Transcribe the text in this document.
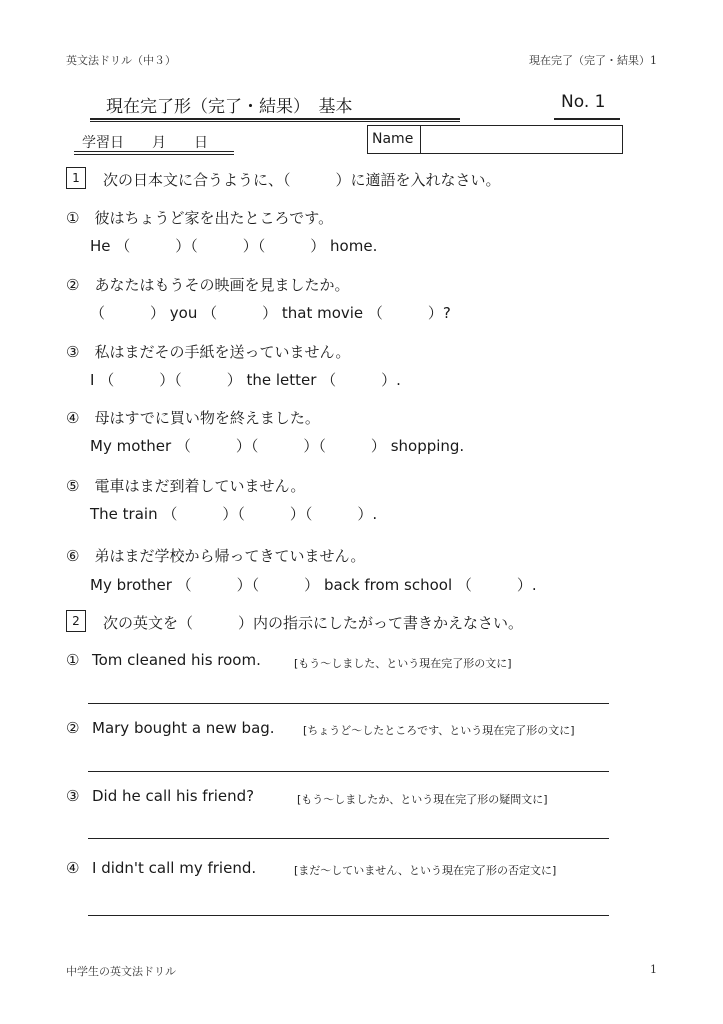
英文法ドリル（中３）	現在完了（完了・結果）1
現在完了形（完了・結果）　基本	No. 1
学習日　　月　　日	Name
1	次の日本文に合うように、（　　　）に適語を入れなさい。
①　彼はちょうど家を出たところです。
He （　　　）（　　　）（　　　） home.
②　あなたはもうその映画を見ましたか。
（　　　） you （　　　） that movie （　　　）?
③　私はまだその手紙を送っていません。
I （　　　）（　　　） the letter （　　　）.
④　母はすでに買い物を終えました。
My mother （　　　）（　　　）（　　　） shopping.
⑤　電車はまだ到着していません。
The train （　　　）（　　　）（　　　）.
⑥　弟はまだ学校から帰ってきていません。
My brother （　　　）（　　　） back from school （　　　）.
2	次の英文を（　　　）内の指示にしたがって書きかえなさい。
① Tom cleaned his room.	[もう～しました、という現在完了形の文に]
② Mary bought a new bag.	[ちょうど～したところです、という現在完了形の文に]
③ Did he call his friend?	[もう～しましたか、という現在完了形の疑問文に]
④ I didn't call my friend.	[まだ～していません、という現在完了形の否定文に]
中学生の英文法ドリル	1
